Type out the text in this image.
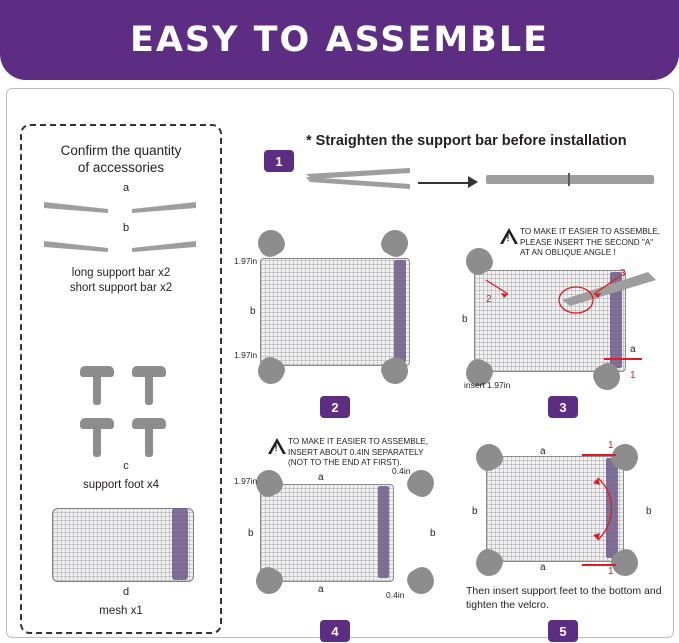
EASY TO ASSEMBLE
Confirm the quantity
of accessories
a
b
long support bar x2
short support bar x2
c
support foot x4
d
mesh x1
1
* Straighten the support bar before installation
1.97in
1.97in
b
2
!
TO MAKE IT EASIER TO ASSEMBLE,
PLEASE INSERT THE SECOND "A"
AT AN OBLIQUE ANGLE !
2
3
b
a
1
insert 1.97in
3
!
TO MAKE IT EASIER TO ASSEMBLE,
INSERT ABOUT 0.4IN SEPARATELY
(NOT TO THE END AT FIRST).
1.97in
0.4in
0.4in
a
a
b	b
4
a
a
b	b
1
1
Then insert support feet to the bottom and
tighten the velcro.
5
